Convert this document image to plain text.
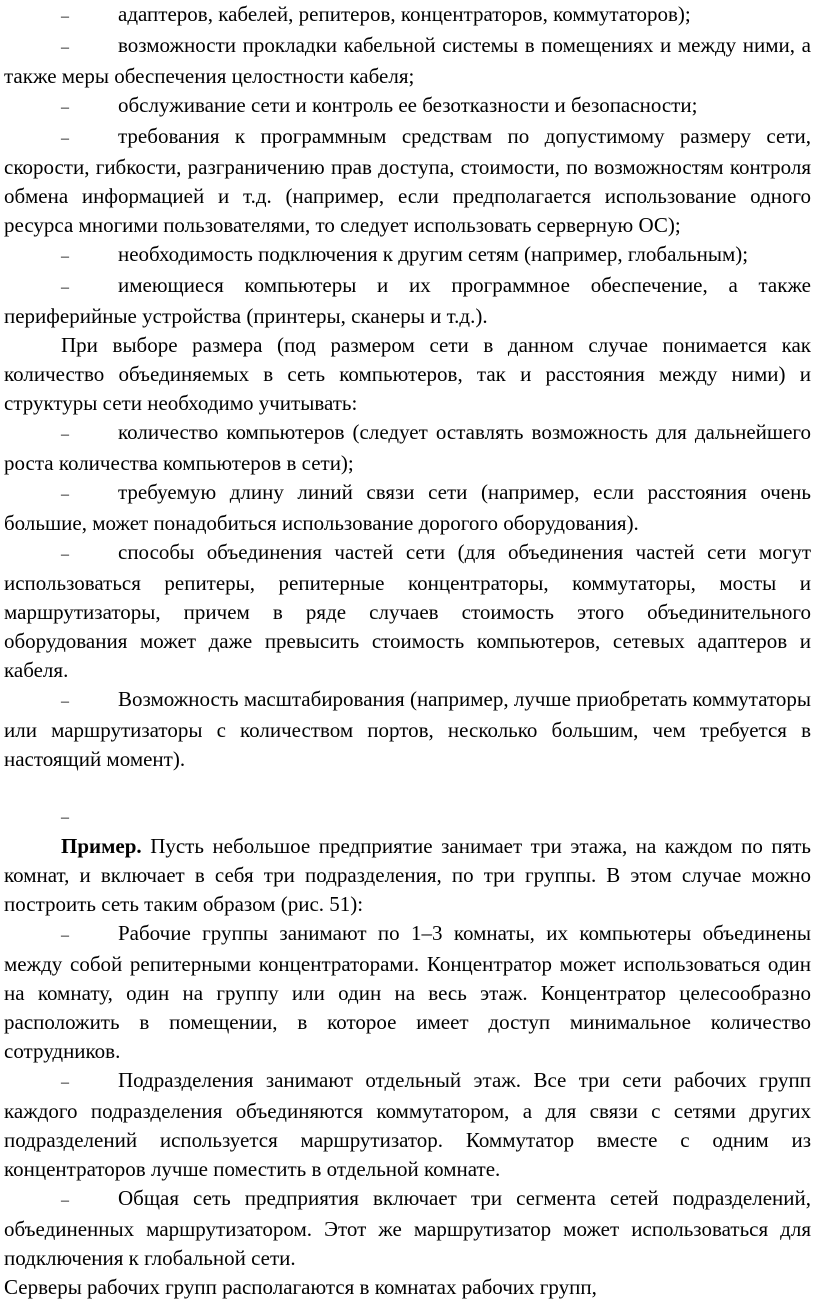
– адаптеров, кабелей, репитеров, концентраторов, коммутаторов);

– возможности прокладки кабельной системы в помещениях и между ними, а также меры обеспечения целостности кабеля;

– обслуживание сети и контроль ее безотказности и безопасности;

– требования к программным средствам по допустимому размеру сети, скорости, гибкости, разграничению прав доступа, стоимости, по возможностям контроля обмена информацией и т.д. (например, если предполагается использование одного ресурса многими пользователями, то следует использовать серверную ОС);

– необходимость подключения к другим сетям (например, глобальным);

– имеющиеся компьютеры и их программное обеспечение, а также периферийные устройства (принтеры, сканеры и т.д.).

При выборе размера (под размером сети в данном случае понимается как количество объединяемых в сеть компьютеров, так и расстояния между ними) и структуры сети необходимо учитывать:

– количество компьютеров (следует оставлять возможность для дальнейшего роста количества компьютеров в сети);

– требуемую длину линий связи сети (например, если расстояния очень большие, может понадобиться использование дорогого оборудования).

– способы объединения частей сети (для объединения частей сети могут использоваться репитеры, репитерные концентраторы, коммутаторы, мосты и маршрутизаторы, причем в ряде случаев стоимость этого объединительного оборудования может даже превысить стоимость компьютеров, сетевых адаптеров и кабеля.

– Возможность масштабирования (например, лучше приобретать коммутаторы или маршрутизаторы с количеством портов, несколько большим, чем требуется в настоящий момент).

–

Пример. Пусть небольшое предприятие занимает три этажа, на каждом по пять комнат, и включает в себя три подразделения, по три группы. В этом случае можно построить сеть таким образом (рис. 51):

– Рабочие группы занимают по 1–3 комнаты, их компьютеры объединены между собой репитерными концентраторами. Концентратор может использоваться один на комнату, один на группу или один на весь этаж. Концентратор целесообразно расположить в помещении, в которое имеет доступ минимальное количество сотрудников.

– Подразделения занимают отдельный этаж. Все три сети рабочих групп каждого подразделения объединяются коммутатором, а для связи с сетями других подразделений используется маршрутизатор. Коммутатор вместе с одним из концентраторов лучше поместить в отдельной комнате.

– Общая сеть предприятия включает три сегмента сетей подразделений, объединенных маршрутизатором. Этот же маршрутизатор может использоваться для подключения к глобальной сети.

Серверы рабочих групп располагаются в комнатах рабочих групп,
